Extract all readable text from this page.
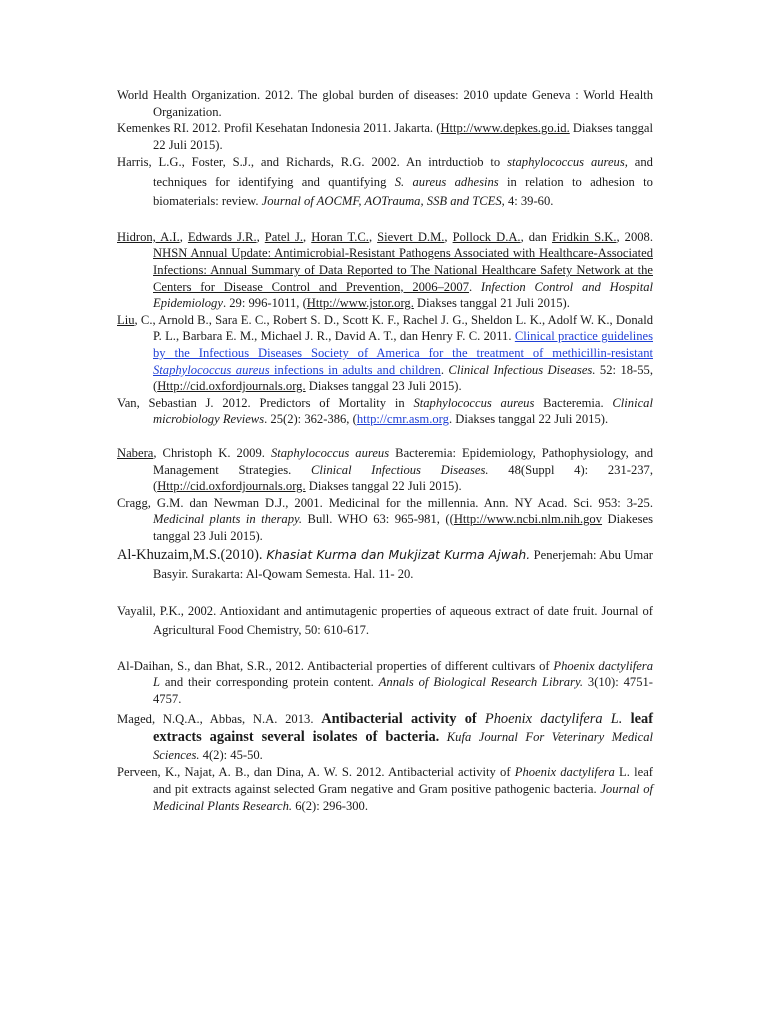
World Health Organization. 2012. The global burden of diseases: 2010 update Geneva : World Health Organization.

Kemenkes RI. 2012. Profil Kesehatan Indonesia 2011. Jakarta. (Http://www.depkes.go.id. Diakses tanggal 22 Juli 2015).

Harris, L.G., Foster, S.J., and Richards, R.G. 2002. An intrductiob to staphylococcus aureus, and techniques for identifying and quantifying S. aureus adhesins in relation to adhesion to biomaterials: review. Journal of AOCMF, AOTrauma, SSB and TCES, 4: 39-60.

Hidron, A.I., Edwards J.R., Patel J., Horan T.C., Sievert D.M., Pollock D.A., dan Fridkin S.K., 2008. NHSN Annual Update: Antimicrobial-Resistant Pathogens Associated with Healthcare-Associated Infections: Annual Summary of Data Reported to The National Healthcare Safety Network at the Centers for Disease Control and Prevention, 2006–2007. Infection Control and Hospital Epidemiology. 29: 996-1011, (Http://www.jstor.org. Diakses tanggal 21 Juli 2015).

Liu, C., Arnold B., Sara E. C., Robert S. D., Scott K. F., Rachel J. G., Sheldon L. K., Adolf W. K., Donald P. L., Barbara E. M., Michael J. R., David A. T., dan Henry F. C. 2011. Clinical practice guidelines by the Infectious Diseases Society of America for the treatment of methicillin-resistant Staphylococcus aureus infections in adults and children. Clinical Infectious Diseases. 52: 18-55, (Http://cid.oxfordjournals.org. Diakses tanggal 23 Juli 2015).

Van, Sebastian J. 2012. Predictors of Mortality in Staphylococcus aureus Bacteremia. Clinical microbiology Reviews. 25(2): 362-386, (http://cmr.asm.org. Diakses tanggal 22 Juli 2015).

Nabera, Christoph K. 2009. Staphylococcus aureus Bacteremia: Epidemiology, Pathophysiology, and Management Strategies. Clinical Infectious Diseases. 48(Suppl 4): 231-237, (Http://cid.oxfordjournals.org. Diakses tanggal 22 Juli 2015).

Cragg, G.M. dan Newman D.J., 2001. Medicinal for the millennia. Ann. NY Acad. Sci. 953: 3-25. Medicinal plants in therapy. Bull. WHO 63: 965-981, ((Http://www.ncbi.nlm.nih.gov Diakeses tanggal 23 Juli 2015).

Al-Khuzaim,M.S.(2010). Khasiat Kurma dan Mukjizat Kurma Ajwah. Penerjemah: Abu Umar Basyir. Surakarta: Al-Qowam Semesta. Hal. 11- 20.

Vayalil, P.K., 2002. Antioxidant and antimutagenic properties of aqueous extract of date fruit. Journal of Agricultural Food Chemistry, 50: 610-617.

Al-Daihan, S., dan Bhat, S.R., 2012. Antibacterial properties of different cultivars of Phoenix dactylifera L and their corresponding protein content. Annals of Biological Research Library. 3(10): 4751-4757.

Maged, N.Q.A., Abbas, N.A. 2013. Antibacterial activity of Phoenix dactylifera L. leaf extracts against several isolates of bacteria. Kufa Journal For Veterinary Medical Sciences. 4(2): 45-50.

Perveen, K., Najat, A. B., dan Dina, A. W. S. 2012. Antibacterial activity of Phoenix dactylifera L. leaf and pit extracts against selected Gram negative and Gram positive pathogenic bacteria. Journal of Medicinal Plants Research. 6(2): 296-300.
